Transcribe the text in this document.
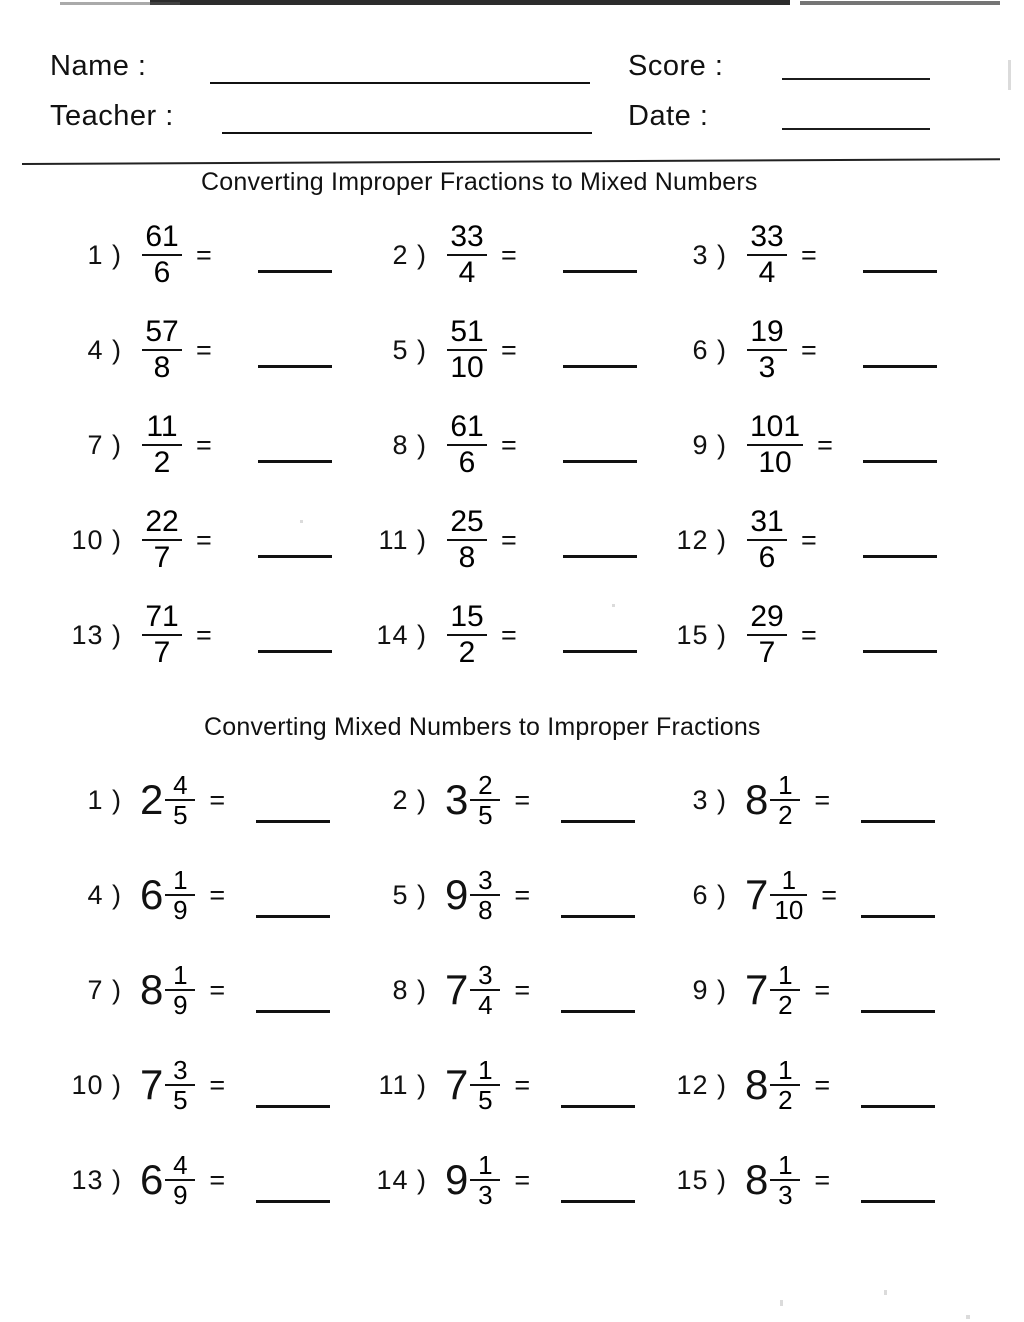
Name :
Teacher :
Score :
Date :
Converting Improper Fractions to Mixed Numbers
Converting Mixed Numbers to Improper Fractions
1 ) $\frac{61}{6}$ =	2 ) $\frac{33}{4}$ =	3 ) $\frac{33}{4}$ =
4 ) $\frac{57}{8}$ =	5 ) $\frac{51}{10}$ =	6 ) $\frac{19}{3}$ =
7 ) $\frac{11}{2}$ =	8 ) $\frac{61}{6}$ =	9 ) $\frac{101}{10}$ =
10 ) $\frac{22}{7}$ =	11 ) $\frac{25}{8}$ =	12 ) $\frac{31}{6}$ =
13 ) $\frac{71}{7}$ =	14 ) $\frac{15}{2}$ =	15 ) $\frac{29}{7}$ =
1 ) $2 \frac{4}{5}$ =	2 ) $3 \frac{2}{5}$ =	3 ) $8 \frac{1}{2}$ =
4 ) $6 \frac{1}{9}$ =	5 ) $9 \frac{3}{8}$ =	6 ) $7 \frac{1}{10}$ =
7 ) $8 \frac{1}{9}$ =	8 ) $7 \frac{3}{4}$ =	9 ) $7 \frac{1}{2}$ =
10 ) $7 \frac{3}{5}$ =	11 ) $7 \frac{1}{5}$ =	12 ) $8 \frac{1}{2}$ =
13 ) $6 \frac{4}{9}$ =	14 ) $9 \frac{1}{3}$ =	15 ) $8 \frac{1}{3}$ =
